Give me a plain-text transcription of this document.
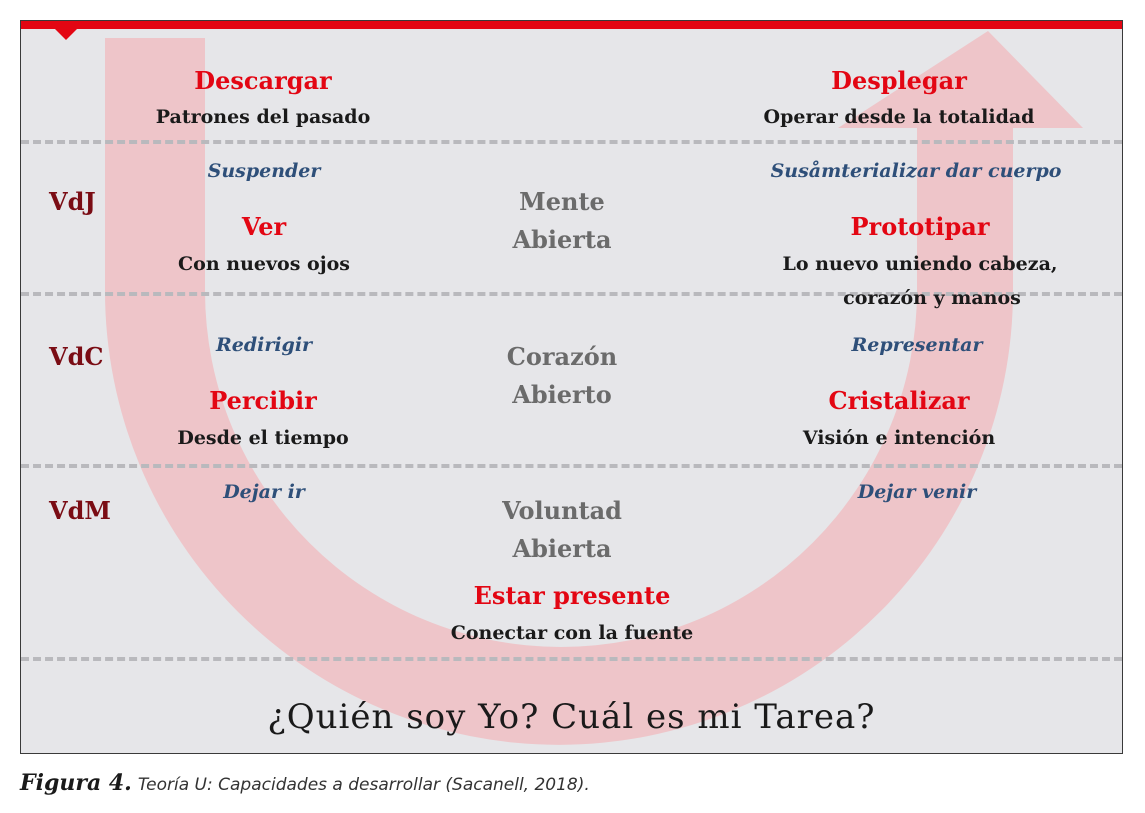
Descargar
Patrones del pasado
Desplegar
Operar desde la totalidad
VdJ
Suspender
Ver
Con nuevos ojos
Mente
Abierta
Susåmterializar dar cuerpo
Prototipar
Lo nuevo uniendo cabeza,
corazón y manos
VdC	Redirigir
Percibir
Desde el tiempo
Corazón
Abierto
Representar
Cristalizar
Visión e intención
VdM
Dejar ir
Voluntad
Abierta
Dejar venir
Estar presente
Conectar con la fuente
¿Quién soy Yo? Cuál es mi Tarea?
Figura 4. Teoría U: Capacidades a desarrollar (Sacanell, 2018).
